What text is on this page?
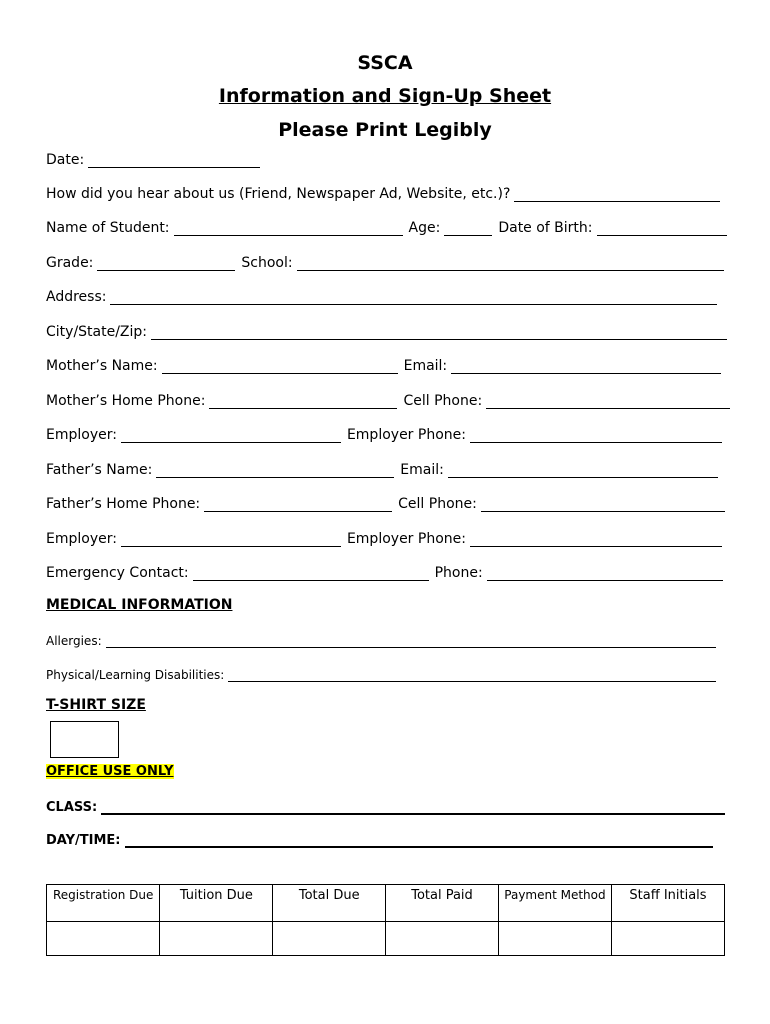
SSCA
Information and Sign-Up Sheet
Please Print Legibly
Date:
How did you hear about us (Friend, Newspaper Ad, Website, etc.)?
Name of Student:	Age:	Date of Birth:
Grade:	School:
Address:
City/State/Zip:
Mother’s Name:	Email:
Mother’s Home Phone:	Cell Phone:
Employer:	Employer Phone:
Father’s Name:	Email:
Father’s Home Phone:	Cell Phone:
Employer:	Employer Phone:
Emergency Contact:	Phone:
MEDICAL INFORMATION
Allergies:
Physical/Learning Disabilities:
T-SHIRT SIZE
OFFICE USE ONLY
CLASS:
DAY/TIME:
Registration Due	Tuition Due	Total Due	Total Paid	Payment Method	Staff Initials
